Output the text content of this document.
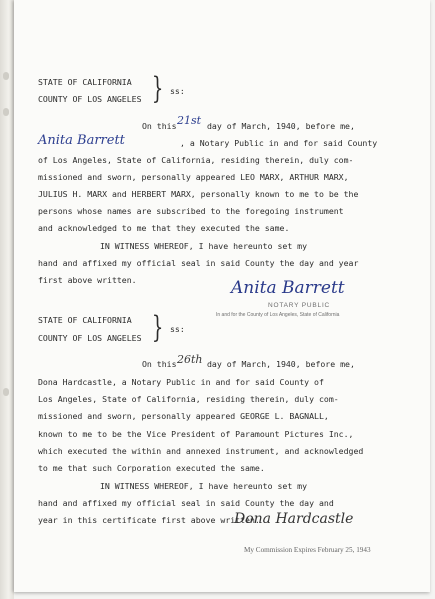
STATE OF CALIFORNIA

COUNTY OF LOS ANGELES } ss:

On this 21st day of March, 1940, before me,

Anita Barrett	, a Notary Public in and for said County

of Los Angeles, State of California, residing therein, duly com-

missioned and sworn, personally appeared LEO MARX, ARTHUR MARX,

JULIUS H. MARX and HERBERT MARX, personally known to me to be the

persons whose names are subscribed to the foregoing instrument

and acknowledged to me that they executed the same.

IN WITNESS WHEREOF, I have hereunto set my

hand and affixed my official seal in said County the day and year

first above written.	Anita Barrett
NOTARY PUBLIC
In and for the County of Los Angeles, State of California

STATE OF CALIFORNIA

COUNTY OF LOS ANGELES } ss:

On this 26th day of March, 1940, before me,

Dona Hardcastle, a Notary Public in and for said County of

Los Angeles, State of California, residing therein, duly com-

missioned and sworn, personally appeared GEORGE L. BAGNALL,

known to me to be the Vice President of Paramount Pictures Inc.,

which executed the within and annexed instrument, and acknowledged

to me that such Corporation executed the same.

IN WITNESS WHEREOF, I have hereunto set my

hand and affixed my official seal in said County the day and

year in this certificate first above written.

Dona Hardcastle
My Commission Expires February 25, 1943
